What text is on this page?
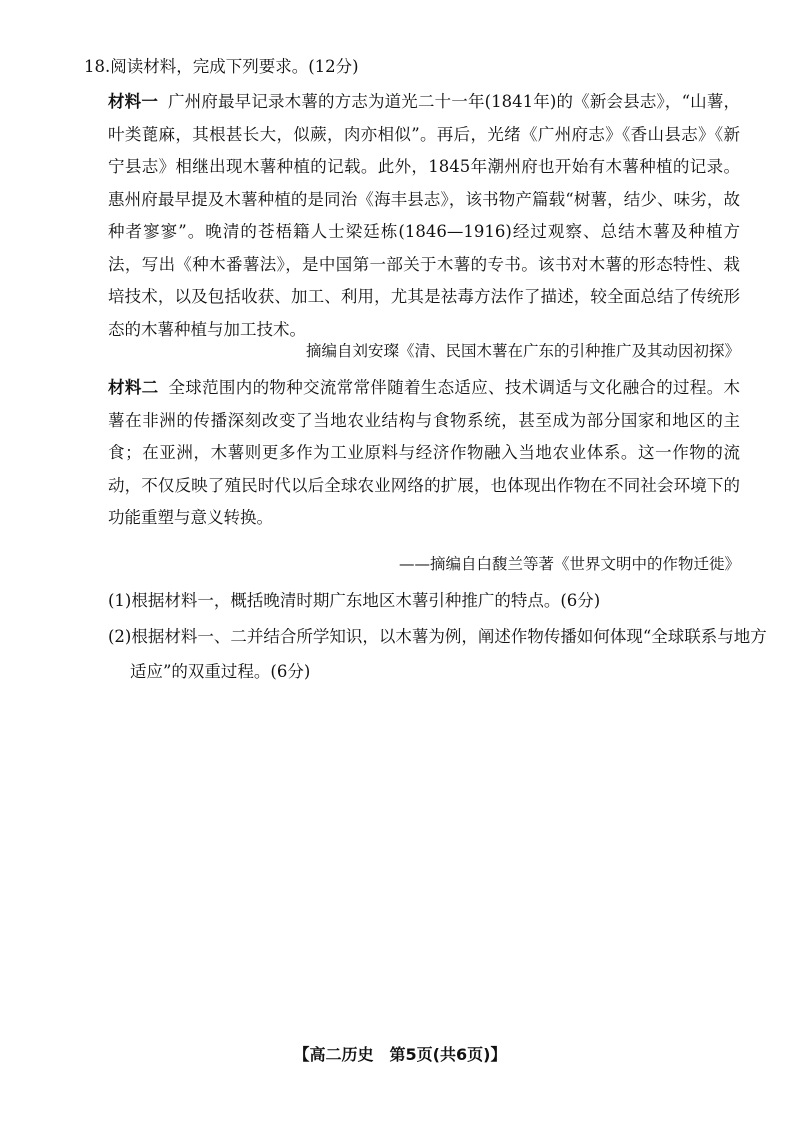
18.阅读材料，完成下列要求。(12分)
材料一 广州府最早记录木薯的方志为道光二十一年(1841年)的《新会县志》，“山薯，叶类蓖麻，其根甚长大，似蕨，肉亦相似”。再后，光绪《广州府志》《香山县志》《新宁县志》相继出现木薯种植的记载。此外，1845年潮州府也开始有木薯种植的记录。惠州府最早提及木薯种植的是同治《海丰县志》，该书物产篇载“树薯，结少、味劣，故种者寥寥”。晚清的苍梧籍人士梁廷栋(1846—1916)经过观察、总结木薯及种植方法，写出《种木番薯法》，是中国第一部关于木薯的专书。该书对木薯的形态特性、栽培技术，以及包括收获、加工、利用，尤其是祛毒方法作了描述，较全面总结了传统形态的木薯种植与加工技术。
摘编自刘安璨《清、民国木薯在广东的引种推广及其动因初探》
材料二 全球范围内的物种交流常常伴随着生态适应、技术调适与文化融合的过程。木薯在非洲的传播深刻改变了当地农业结构与食物系统，甚至成为部分国家和地区的主食；在亚洲，木薯则更多作为工业原料与经济作物融入当地农业体系。这一作物的流动，不仅反映了殖民时代以后全球农业网络的扩展，也体现出作物在不同社会环境下的功能重塑与意义转换。
——摘编自白馥兰等著《世界文明中的作物迁徙》
(1)根据材料一，概括晚清时期广东地区木薯引种推广的特点。(6分)
(2)根据材料一、二并结合所学知识，以木薯为例，阐述作物传播如何体现“全球联系与地方
适应”的双重过程。(6分)
【高二历史　第5页(共6页)】
